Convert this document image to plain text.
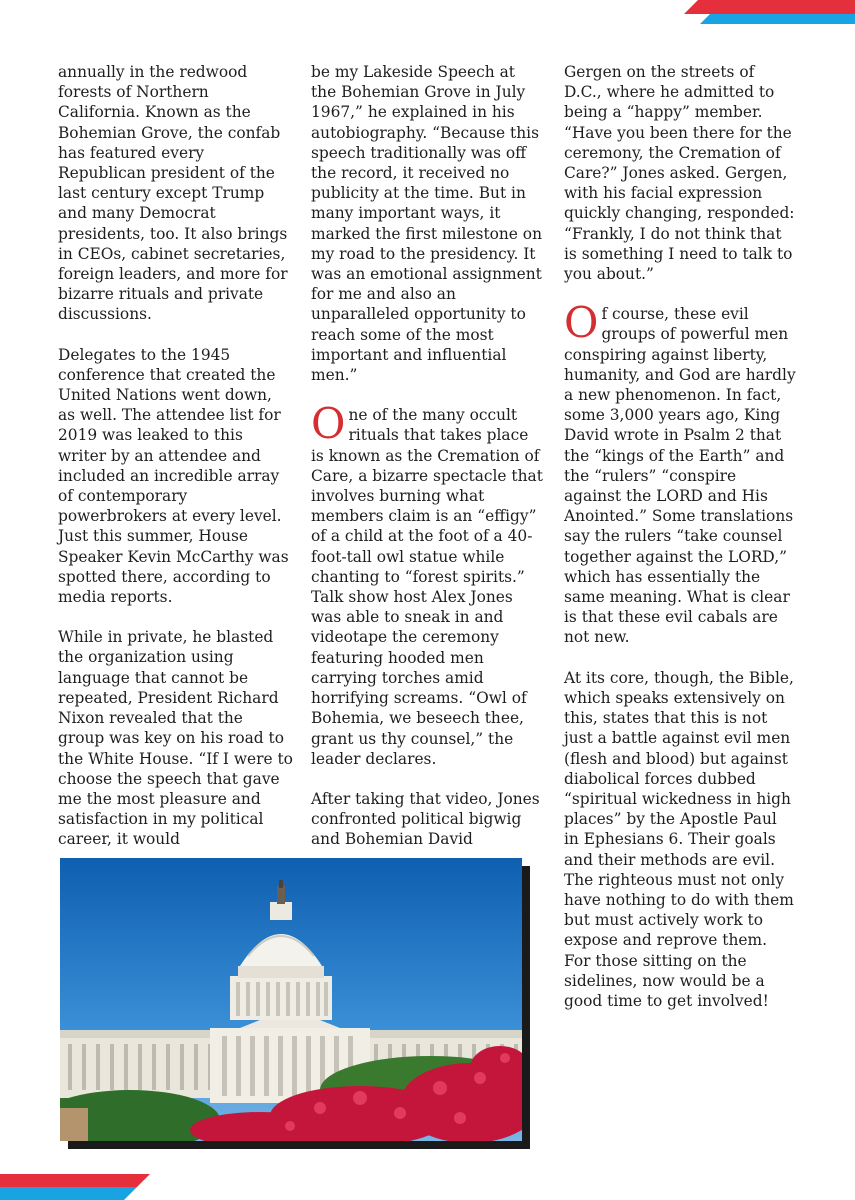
annually in the redwood forests of Northern California. Known as the Bohemian Grove, the confab has featured every Republican president of the last century except Trump and many Democrat presidents, too. It also brings in CEOs, cabinet secretaries, foreign leaders, and more for bizarre rituals and private discussions.

Delegates to the 1945 conference that created the United Nations went down, as well. The attendee list for 2019 was leaked to this writer by an attendee and included an incredible array of contemporary powerbrokers at every level. Just this summer, House Speaker Kevin McCarthy was spotted there, according to media reports.

While in private, he blasted the organization using language that cannot be repeated, President Richard Nixon revealed that the group was key on his road to the White House. “If I were to choose the speech that gave me the most pleasure and satisfaction in my political career, it would

be my Lakeside Speech at the Bohemian Grove in July 1967,” he explained in his autobiography. “Because this speech traditionally was off the record, it received no publicity at the time. But in many important ways, it marked the first milestone on my road to the presidency. It was an emotional assignment for me and also an unparalleled opportunity to reach some of the most important and influential men.”

One of the many occult rituals that takes place is known as the Cremation of Care, a bizarre spectacle that involves burning what members claim is an “effigy” of a child at the foot of a 40-foot-tall owl statue while chanting to “forest spirits.” Talk show host Alex Jones was able to sneak in and videotape the ceremony featuring hooded men carrying torches amid horrifying screams. “Owl of Bohemia, we beseech thee, grant us thy counsel,” the leader declares.

After taking that video, Jones confronted political bigwig and Bohemian David

Gergen on the streets of D.C., where he admitted to being a “happy” member. “Have you been there for the ceremony, the Cremation of Care?” Jones asked. Gergen, with his facial expression quickly changing, responded: “Frankly, I do not think that is something I need to talk to you about.”

Of course, these evil groups of powerful men conspiring against liberty, humanity, and God are hardly a new phenomenon. In fact, some 3,000 years ago, King David wrote in Psalm 2 that the “kings of the Earth” and the “rulers” “conspire against the LORD and His Anointed.” Some translations say the rulers “take counsel together against the LORD,” which has essentially the same meaning. What is clear is that these evil cabals are not new.

At its core, though, the Bible, which speaks extensively on this, states that this is not just a battle against evil men (flesh and blood) but against diabolical forces dubbed “spiritual wickedness in high places” by the Apostle Paul in Ephesians 6. Their goals and their methods are evil. The righteous must not only have nothing to do with them but must actively work to expose and reprove them. For those sitting on the sidelines, now would be a good time to get involved!
